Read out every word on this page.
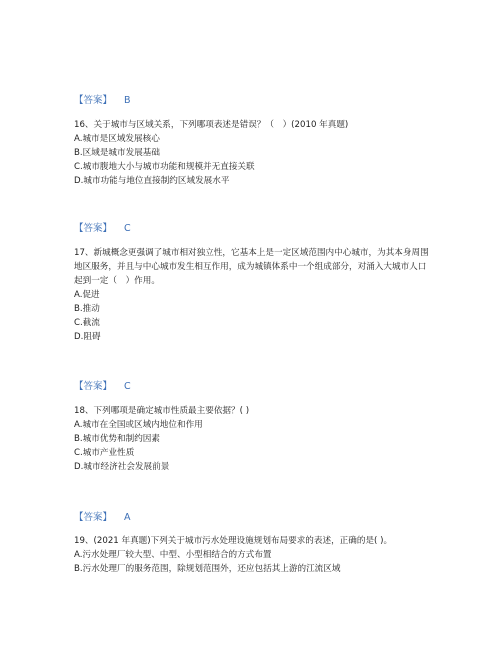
【答案】 B

16、关于城市与区域关系，下列哪项表述是错误？（　）(2010 年真题)

A.城市是区域发展核心

B.区域是城市发展基础

C.城市腹地大小与城市功能和规模并无直接关联

D.城市功能与地位直接制约区域发展水平

【答案】 C

17、新城概念更强调了城市相对独立性，它基本上是一定区域范围内中心城市，为其本身周围地区服务，并且与中心城市发生相互作用，成为城镇体系中一个组成部分，对涌入大城市人口起到一定（　）作用。

A.促进

B.推动

C.截流

D.阻碍

【答案】 C

18、下列哪项是确定城市性质最主要依据？( )

A.城市在全国或区域内地位和作用

B.城市优势和制约因素

C.城市产业性质

D.城市经济社会发展前景

【答案】 A

19、(2021 年真题)下列关于城市污水处理设施规划布局要求的表述，正确的是( )。

A.污水处理厂较大型、中型、小型相结合的方式布置

B.污水处理厂的服务范围，除规划范围外，还应包括其上游的江流区域
